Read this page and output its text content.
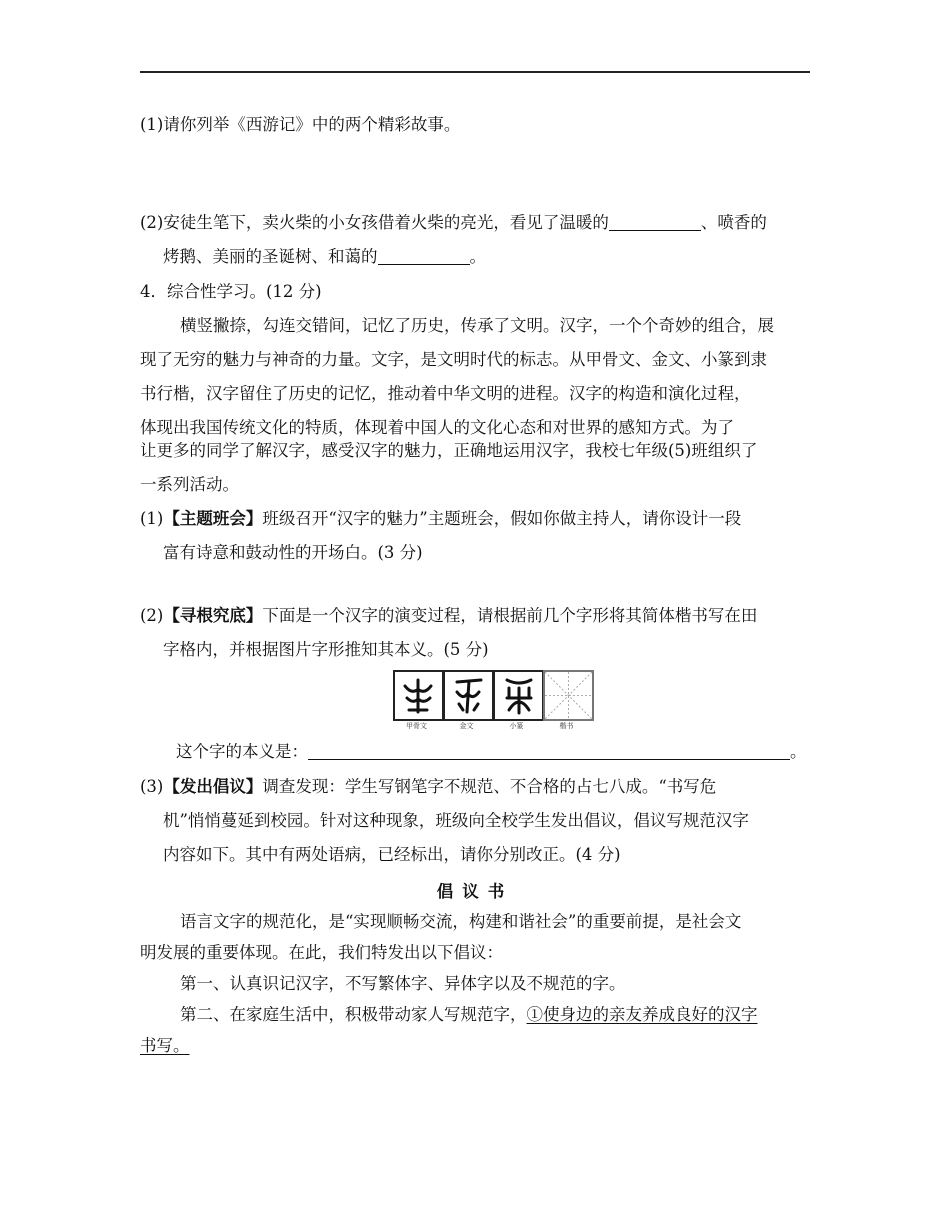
(1)请你列举《西游记》中的两个精彩故事。
(2)安徒生笔下，卖火柴的小女孩借着火柴的亮光，看见了温暖的	、喷香的
烤鹅、美丽的圣诞树、和蔼的	。
4．综合性学习。(12 分)
横竖撇捺，勾连交错间，记忆了历史，传承了文明。汉字，一个个奇妙的组合，展
现了无穷的魅力与神奇的力量。文字，是文明时代的标志。从甲骨文、金文、小篆到隶
书行楷，汉字留住了历史的记忆，推动着中华文明的进程。汉字的构造和演化过程，
体现出我国传统文化的特质，体现着中国人的文化心态和对世界的感知方式。为了
让更多的同学了解汉字，感受汉字的魅力，正确地运用汉字，我校七年级(5)班组织了
一系列活动。
(1)【主题班会】班级召开“汉字的魅力”主题班会，假如你做主持人，请你设计一段
富有诗意和鼓动性的开场白。(3 分)
(2)【寻根究底】下面是一个汉字的演变过程，请根据前几个字形将其简体楷书写在田
字格内，并根据图片字形推知其本义。(5 分)
甲骨文	金文	小篆	楷书
这个字的本义是：	。
(3)【发出倡议】调查发现：学生写钢笔字不规范、不合格的占七八成。“书写危
机”悄悄蔓延到校园。针对这种现象，班级向全校学生发出倡议，倡议写规范汉字
内容如下。其中有两处语病，已经标出，请你分别改正。(4 分)
倡议书
语言文字的规范化，是“实现顺畅交流，构建和谐社会”的重要前提，是社会文
明发展的重要体现。在此，我们特发出以下倡议：
第一、认真识记汉字，不写繁体字、异体字以及不规范的字。
第二、在家庭生活中，积极带动家人写规范字，①使身边的亲友养成良好的汉字
书写。
